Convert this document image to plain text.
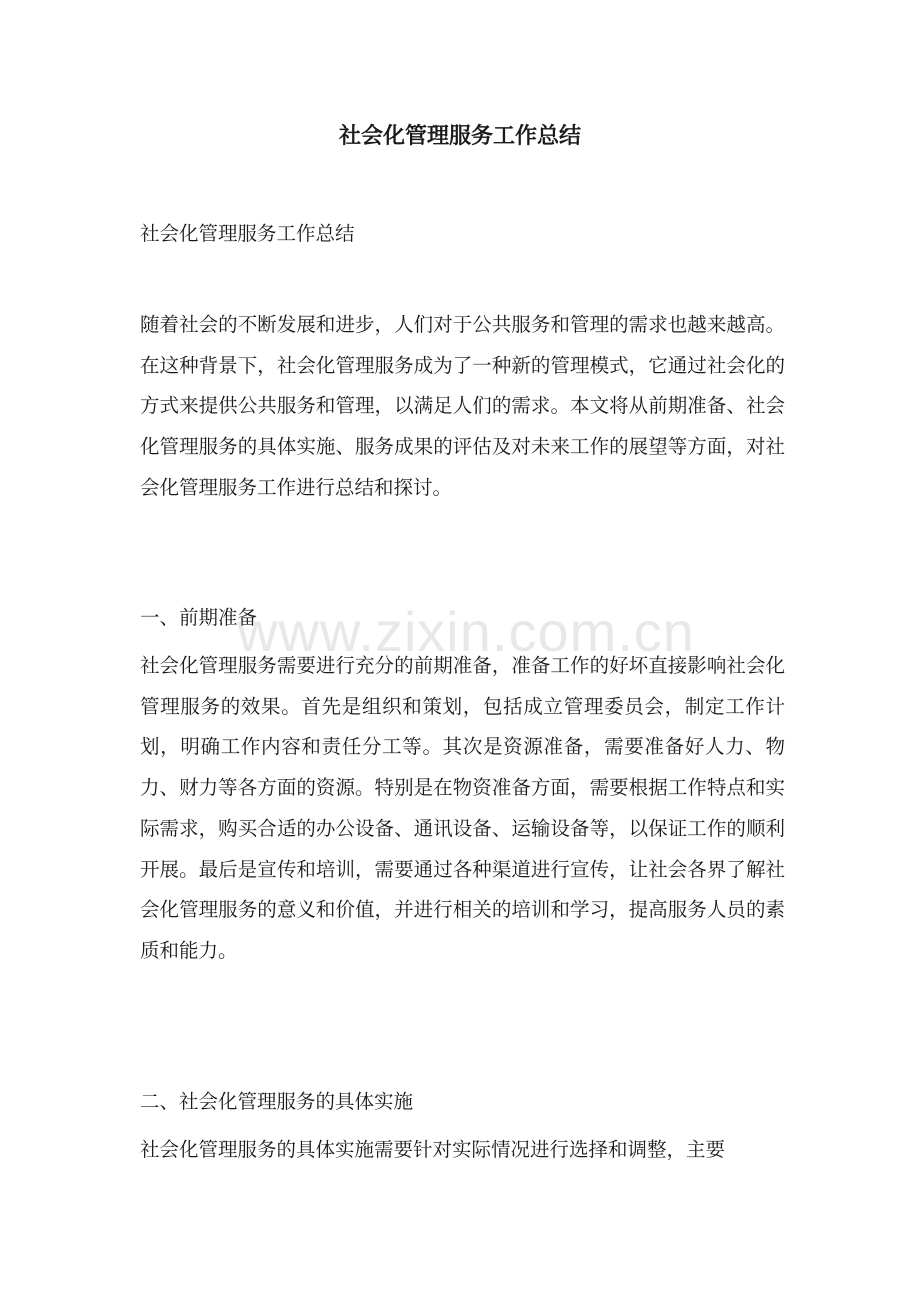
社会化管理服务工作总结

社会化管理服务工作总结

随着社会的不断发展和进步，人们对于公共服务和管理的需求也越来越高。在这种背景下，社会化管理服务成为了一种新的管理模式，它通过社会化的方式来提供公共服务和管理，以满足人们的需求。本文将从前期准备、社会化管理服务的具体实施、服务成果的评估及对未来工作的展望等方面，对社会化管理服务工作进行总结和探讨。

一、前期准备

社会化管理服务需要进行充分的前期准备，准备工作的好坏直接影响社会化管理服务的效果。首先是组织和策划，包括成立管理委员会，制定工作计划，明确工作内容和责任分工等。其次是资源准备，需要准备好人力、物力、财力等各方面的资源。特别是在物资准备方面，需要根据工作特点和实际需求，购买合适的办公设备、通讯设备、运输设备等，以保证工作的顺利开展。最后是宣传和培训，需要通过各种渠道进行宣传，让社会各界了解社会化管理服务的意义和价值，并进行相关的培训和学习，提高服务人员的素质和能力。

二、社会化管理服务的具体实施

社会化管理服务的具体实施需要针对实际情况进行选择和调整，主要

www.zixin.com.cn
